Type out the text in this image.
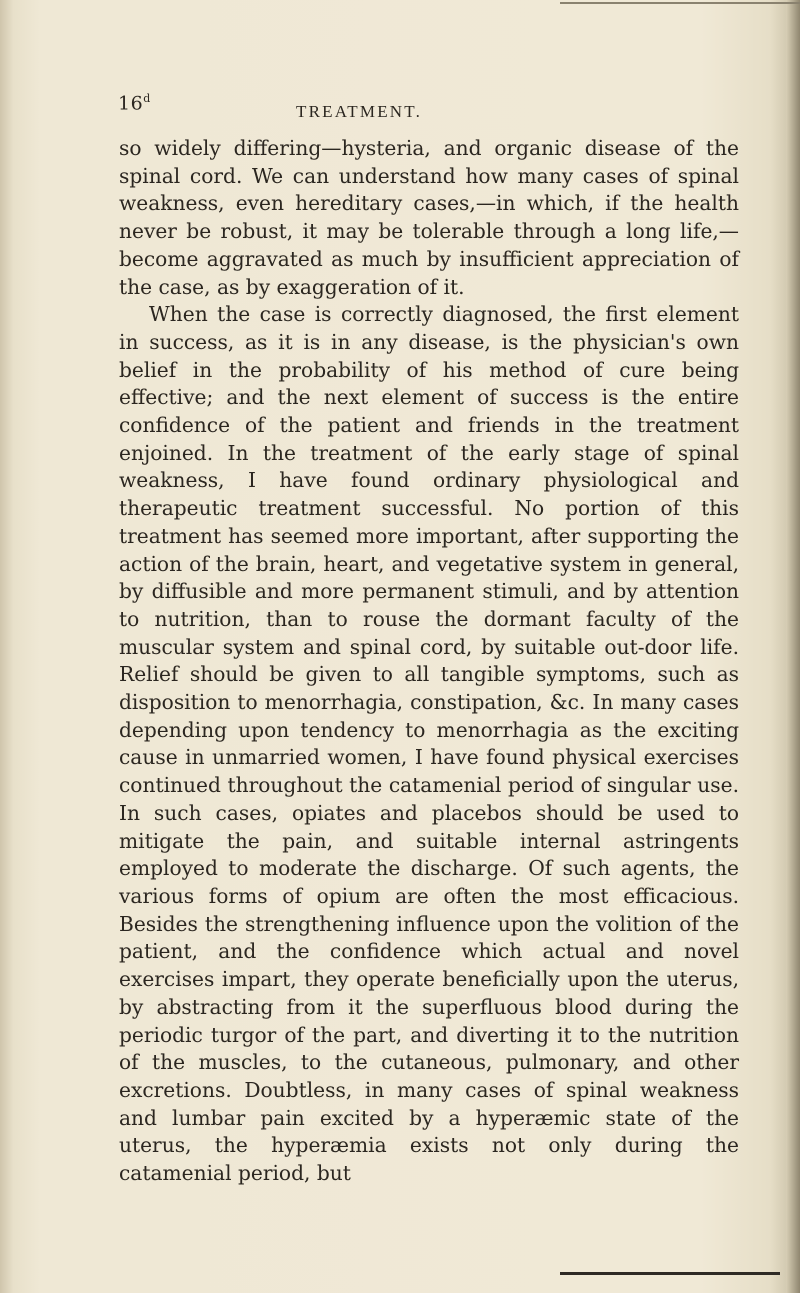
16$^d$
TREATMENT.

so widely differing—hysteria, and organic disease of the spinal cord. We can understand how many cases of spinal weakness, even hereditary cases,—in which, if the health never be robust, it may be tolerable through a long life,—become aggravated as much by insufficient appreciation of the case, as by exaggeration of it.

When the case is correctly diagnosed, the first element in success, as it is in any disease, is the physician's own belief in the probability of his method of cure being effective; and the next element of success is the entire confidence of the patient and friends in the treatment enjoined. In the treatment of the early stage of spinal weakness, I have found ordinary physiological and therapeutic treatment successful. No portion of this treatment has seemed more important, after supporting the action of the brain, heart, and vegetative system in general, by diffusible and more permanent stimuli, and by attention to nutrition, than to rouse the dormant faculty of the muscular system and spinal cord, by suitable out-door life. Relief should be given to all tangible symptoms, such as disposition to menorrhagia, constipation, &c. In many cases depending upon tendency to menorrhagia as the exciting cause in unmarried women, I have found physical exercises continued throughout the catamenial period of singular use. In such cases, opiates and placebos should be used to mitigate the pain, and suitable internal astringents employed to moderate the discharge. Of such agents, the various forms of opium are often the most efficacious. Besides the strengthening influence upon the volition of the patient, and the confidence which actual and novel exercises impart, they operate beneficially upon the uterus, by abstracting from it the superfluous blood during the periodic turgor of the part, and diverting it to the nutrition of the muscles, to the cutaneous, pulmonary, and other excretions. Doubtless, in many cases of spinal weakness and lumbar pain excited by a hyperæmic state of the uterus, the hyperæmia exists not only during the catamenial period, but
